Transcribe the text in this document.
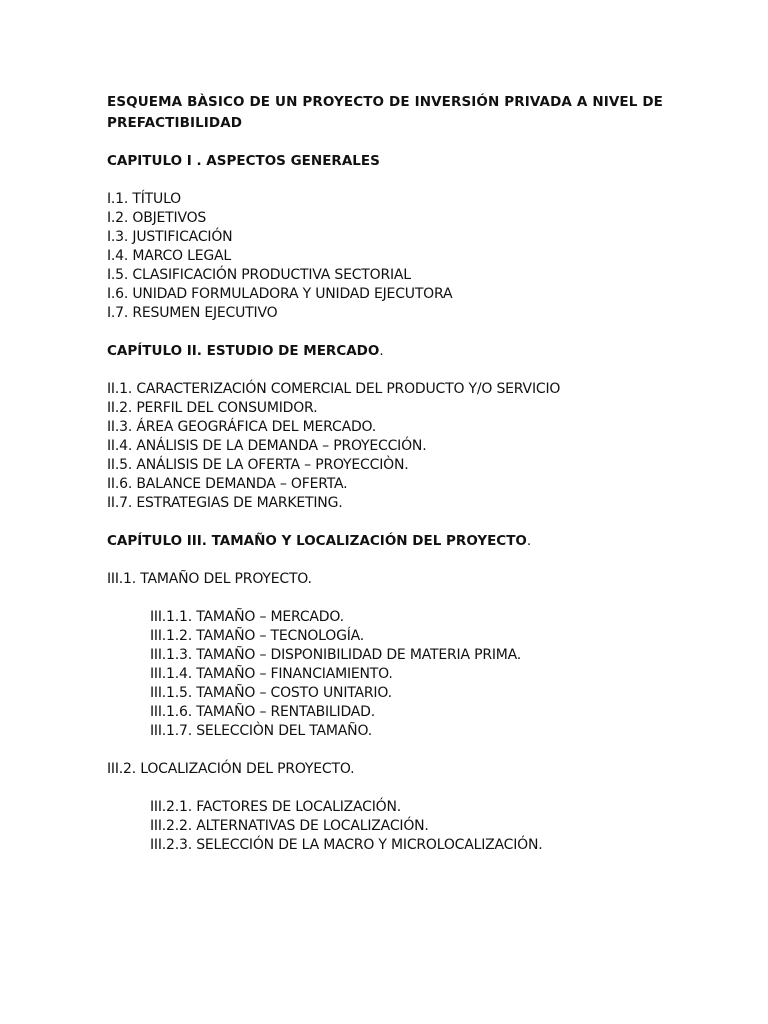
ESQUEMA BÀSICO DE UN PROYECTO DE INVERSIÓN PRIVADA A NIVEL DE
PREFACTIBILIDAD
CAPITULO I . ASPECTOS GENERALES
I.1. TÍTULO
I.2. OBJETIVOS
I.3. JUSTIFICACIÓN
I.4. MARCO LEGAL
I.5. CLASIFICACIÓN PRODUCTIVA SECTORIAL
I.6. UNIDAD FORMULADORA Y UNIDAD EJECUTORA
I.7. RESUMEN EJECUTIVO
CAPÍTULO II. ESTUDIO DE MERCADO.
II.1. CARACTERIZACIÓN COMERCIAL DEL PRODUCTO Y/O SERVICIO
II.2. PERFIL DEL CONSUMIDOR.
II.3. ÁREA GEOGRÁFICA DEL MERCADO.
II.4. ANÁLISIS DE LA DEMANDA – PROYECCIÓN.
II.5. ANÁLISIS DE LA OFERTA – PROYECCIÒN.
II.6. BALANCE DEMANDA – OFERTA.
II.7. ESTRATEGIAS DE MARKETING.
CAPÍTULO III. TAMAÑO Y LOCALIZACIÓN DEL PROYECTO.
III.1. TAMAÑO DEL PROYECTO.
III.1.1. TAMAÑO – MERCADO.
III.1.2. TAMAÑO – TECNOLOGÍA.
III.1.3. TAMAÑO – DISPONIBILIDAD DE MATERIA PRIMA.
III.1.4. TAMAÑO – FINANCIAMIENTO.
III.1.5. TAMAÑO – COSTO UNITARIO.
III.1.6. TAMAÑO – RENTABILIDAD.
III.1.7. SELECCIÒN DEL TAMAÑO.
III.2. LOCALIZACIÓN DEL PROYECTO.
III.2.1. FACTORES DE LOCALIZACIÓN.
III.2.2. ALTERNATIVAS DE LOCALIZACIÓN.
III.2.3. SELECCIÓN DE LA MACRO Y MICROLOCALIZACIÓN.
